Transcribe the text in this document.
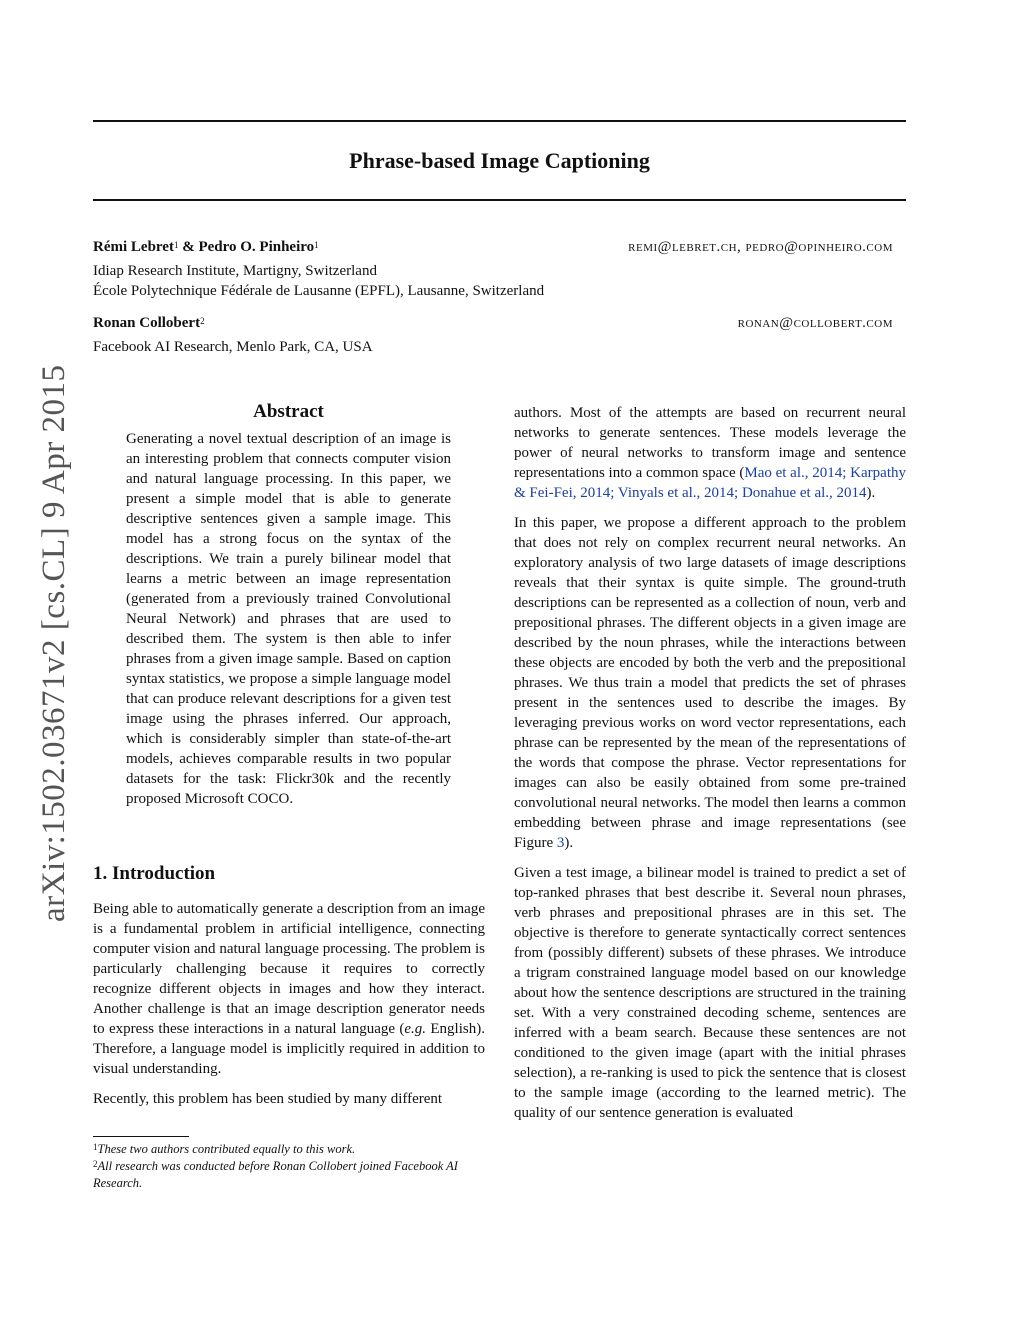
Phrase-based Image Captioning
arXiv:1502.03671v2 [cs.CL] 9 Apr 2015
Rémi Lebret$^1$ & Pedro O. Pinheiro$^1$	remi@lebret.ch, pedro@opinheiro.com
Idiap Research Institute, Martigny, Switzerland
École Polytechnique Fédérale de Lausanne (EPFL), Lausanne, Switzerland
Ronan Collobert$^2$	ronan@collobert.com
Facebook AI Research, Menlo Park, CA, USA
Abstract
Generating a novel textual description of an image is an interesting problem that connects computer vision and natural language processing. In this paper, we present a simple model that is able to generate descriptive sentences given a sample image. This model has a strong focus on the syntax of the descriptions. We train a purely bilinear model that learns a metric between an image representation (generated from a previously trained Convolutional Neural Network) and phrases that are used to described them. The system is then able to infer phrases from a given image sample. Based on caption syntax statistics, we propose a simple language model that can produce relevant descriptions for a given test image using the phrases inferred. Our approach, which is considerably simpler than state-of-the-art models, achieves comparable results in two popular datasets for the task: Flickr30k and the recently proposed Microsoft COCO.
1. Introduction

Being able to automatically generate a description from an image is a fundamental problem in artificial intelligence, connecting computer vision and natural language processing. The problem is particularly challenging because it requires to correctly recognize different objects in images and how they interact. Another challenge is that an image description generator needs to express these interactions in a natural language (e.g. English). Therefore, a language model is implicitly required in addition to visual understanding.

Recently, this problem has been studied by many different

$^1$These two authors contributed equally to this work.
$^2$All research was conducted before Ronan Collobert joined Facebook AI Research.

authors. Most of the attempts are based on recurrent neural networks to generate sentences. These models leverage the power of neural networks to transform image and sentence representations into a common space (Mao et al., 2014; Karpathy & Fei-Fei, 2014; Vinyals et al., 2014; Donahue et al., 2014).

In this paper, we propose a different approach to the problem that does not rely on complex recurrent neural networks. An exploratory analysis of two large datasets of image descriptions reveals that their syntax is quite simple. The ground-truth descriptions can be represented as a collection of noun, verb and prepositional phrases. The different objects in a given image are described by the noun phrases, while the interactions between these objects are encoded by both the verb and the prepositional phrases. We thus train a model that predicts the set of phrases present in the sentences used to describe the images. By leveraging previous works on word vector representations, each phrase can be represented by the mean of the representations of the words that compose the phrase. Vector representations for images can also be easily obtained from some pre-trained convolutional neural networks. The model then learns a common embedding between phrase and image representations (see Figure 3).

Given a test image, a bilinear model is trained to predict a set of top-ranked phrases that best describe it. Several noun phrases, verb phrases and prepositional phrases are in this set. The objective is therefore to generate syntactically correct sentences from (possibly different) subsets of these phrases. We introduce a trigram constrained language model based on our knowledge about how the sentence descriptions are structured in the training set. With a very constrained decoding scheme, sentences are inferred with a beam search. Because these sentences are not conditioned to the given image (apart with the initial phrases selection), a re-ranking is used to pick the sentence that is closest to the sample image (according to the learned metric). The quality of our sentence generation is evaluated
